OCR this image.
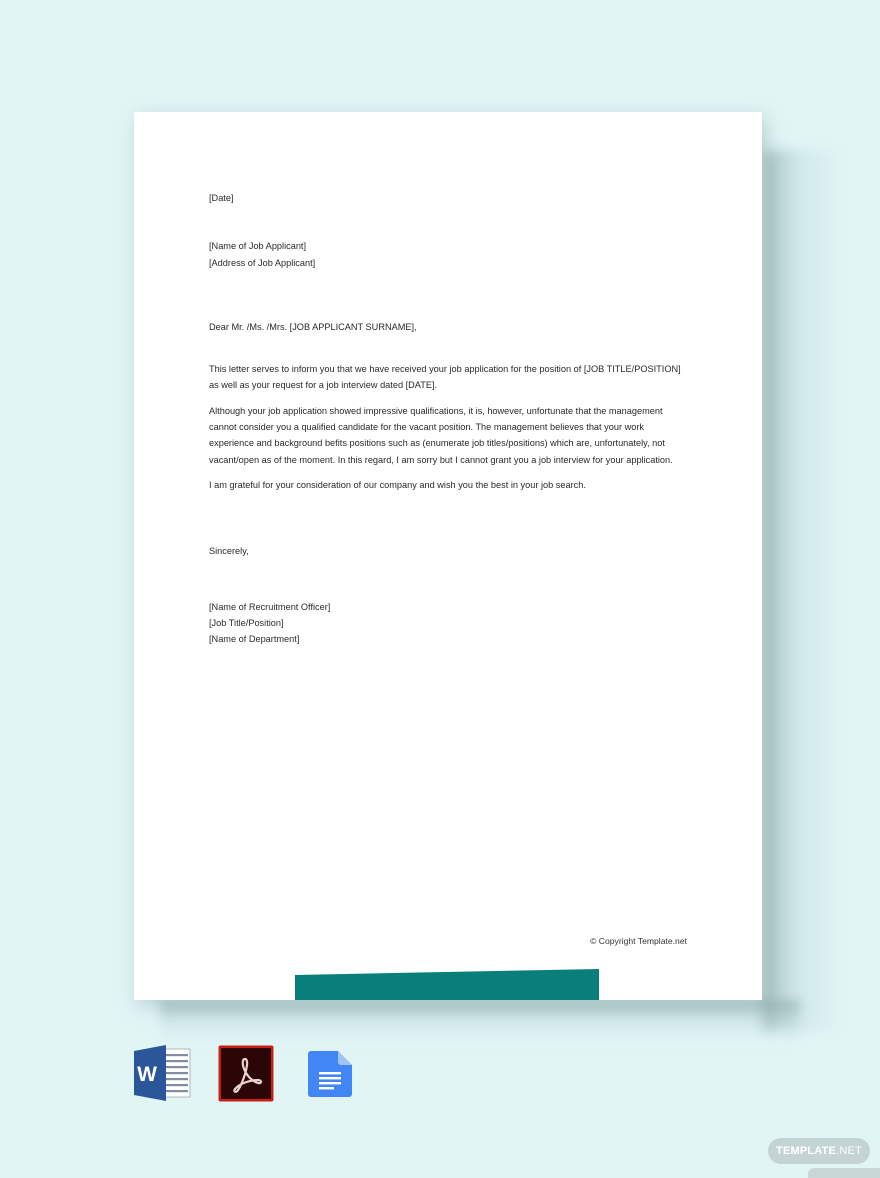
[Date]

[Name of Job Applicant]

[Address of Job Applicant]

Dear Mr. /Ms. /Mrs. [JOB APPLICANT SURNAME],

This letter serves to inform you that we have received your job application for the position of [JOB TITLE/POSITION] as well as your request for a job interview dated [DATE].

Although your job application showed impressive qualifications, it is, however, unfortunate that the management cannot consider you a qualified candidate for the vacant position. The management believes that your work experience and background befits positions such as (enumerate job titles/positions) which are, unfortunately, not vacant/open as of the moment. In this regard, I am sorry but I cannot grant you a job interview for your application.

I am grateful for your consideration of our company and wish you the best in your job search.

Sincerely,

[Name of Recruitment Officer]

[Job Title/Position]

[Name of Department]

© Copyright Template.net
W
TEMPLATE.NET
